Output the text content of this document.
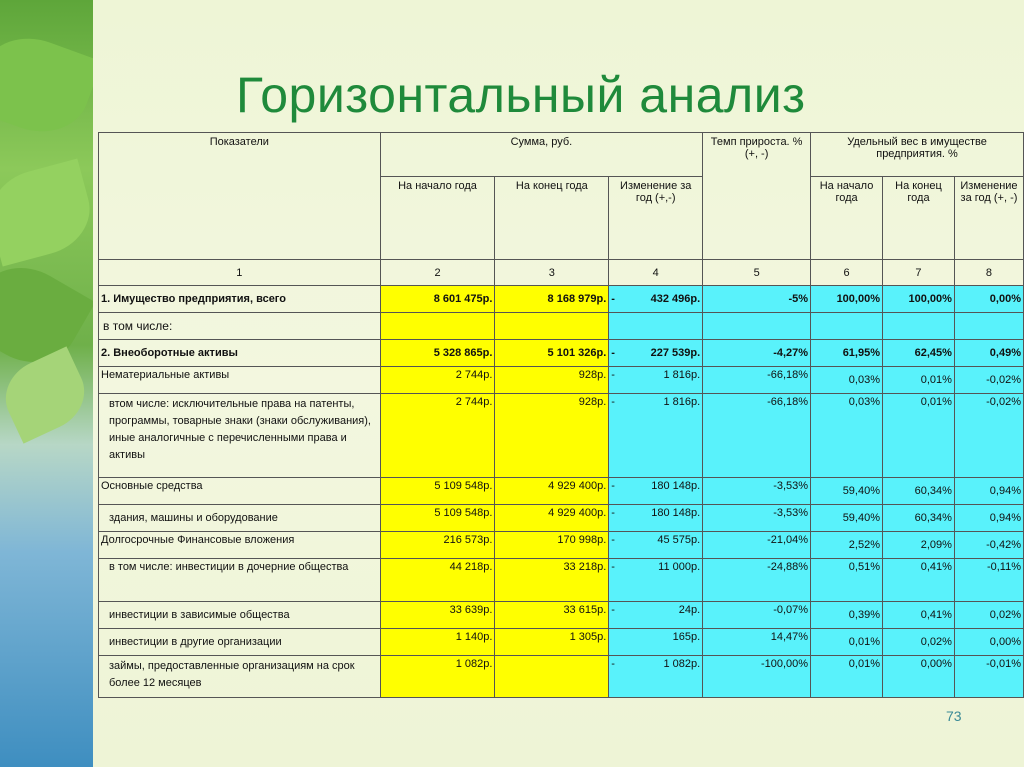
Горизонтальный анализ
Показатели	Сумма, руб.			Темп прироста. % (+, -)	Удельный вес в имуществе предприятия. %		
	На начало года	На конец года	Изменение за год (+,-)		На начало года	На конец года	Изменение за год (+, -)
1	2	3	4	5	6	7	8
1. Имущество предприятия, всего	8 601 475р.	8 168 979р.	- 432 496р.	-5%	100,00%	100,00%	0,00%
в том числе:							
2. Внеоборотные активы	5 328 865р.	5 101 326р.	- 227 539р.	-4,27%	61,95%	62,45%	0,49%
Нематериальные активы	2 744р.	928р.	- 1 816р.	-66,18%	0,03%	0,01%	-0,02%
втом числе: исключительные права на патенты, программы, товарные знаки (знаки обслуживания), иные аналогичные с перечисленными права и активы	2 744р.	928р.	- 1 816р.	-66,18%	0,03%	0,01%	-0,02%
Основные средства	5 109 548р.	4 929 400р.	- 180 148р.	-3,53%	59,40%	60,34%	0,94%
здания, машины и оборудование	5 109 548р.	4 929 400р.	- 180 148р.	-3,53%	59,40%	60,34%	0,94%
Долгосрочные Финансовые вложения	216 573р.	170 998р.	- 45 575р.	-21,04%	2,52%	2,09%	-0,42%
в том числе: инвестиции в дочерние общества	44 218р.	33 218р.	- 11 000р.	-24,88%	0,51%	0,41%	-0,11%
инвестиции в зависимые общества	33 639р.	33 615р.	- 24р.	-0,07%	0,39%	0,41%	0,02%
инвестиции в другие организации	1 140р.	1 305р.	165р.	14,47%	0,01%	0,02%	0,00%
займы, предоставленные организациям на срок более 12 месяцев	1 082р.		- 1 082р.	-100,00%	0,01%	0,00%	-0,01%
73
